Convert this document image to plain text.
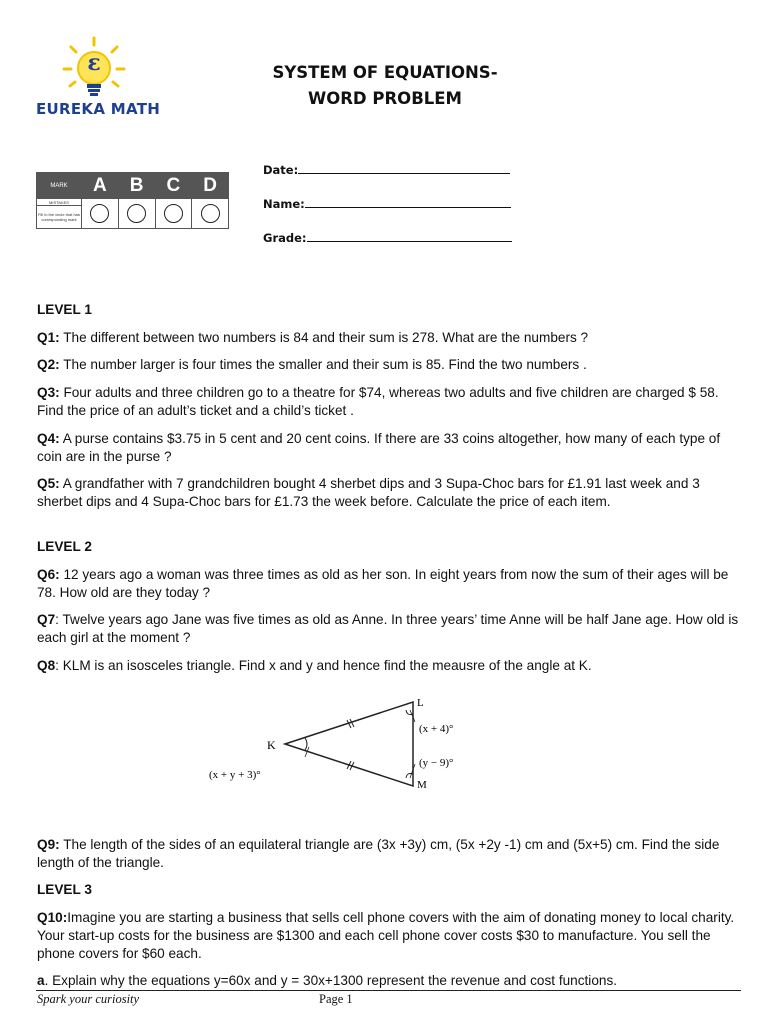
ε
EUREKA MATH
SYSTEM OF EQUATIONS-
WORD PROBLEM
MARK	A	B	C	D
MISTAKES				
Fill in the circle that has corresponding mark				
Date:
Name:
Grade:
LEVEL 1
Q1: The different between two numbers is 84 and their sum is 278. What are the numbers ?
Q2: The number larger is four times the smaller and their sum is 85. Find the two numbers .
Q3: Four adults and three children go to a theatre for $74, whereas two adults and five children are charged $ 58. Find the price of an adult’s ticket and a child’s ticket .
Q4: A purse contains $3.75 in 5 cent and 20 cent coins. If there are 33 coins altogether, how many of each type of coin are in the purse ?
Q5: A grandfather with 7 grandchildren bought 4 sherbet dips and 3 Supa-Choc bars for £1.91 last week and 3 sherbet dips and 4 Supa-Choc bars for £1.73 the week before. Calculate the price of each item.
LEVEL 2
Q6: 12 years ago a woman was three times as old as her son. In eight years from now the sum of their ages will be 78. How old are they today ?
Q7: Twelve years ago Jane was five times as old as Anne. In three years’ time Anne will be half Jane age. How old is each girl at the moment ?
Q8: KLM is an isosceles triangle. Find x and y and hence find the meausre of the angle at K.
K
L
M
(x + y + 3)°
(x + 4)°
(y − 9)°
Q9: The length of the sides of an equilateral triangle are (3x +3y) cm, (5x +2y -1) cm and (5x+5) cm. Find the side length of the triangle.
LEVEL 3
Q10:Imagine you are starting a business that sells cell phone covers with the aim of donating money to local charity. Your start-up costs for the business are $1300 and each cell phone cover costs $30 to manufacture. You sell the phone covers for $60 each.
a. Explain why the equations y=60x and y = 30x+1300 represent the revenue and cost functions.
Spark your curiosity	Page 1
